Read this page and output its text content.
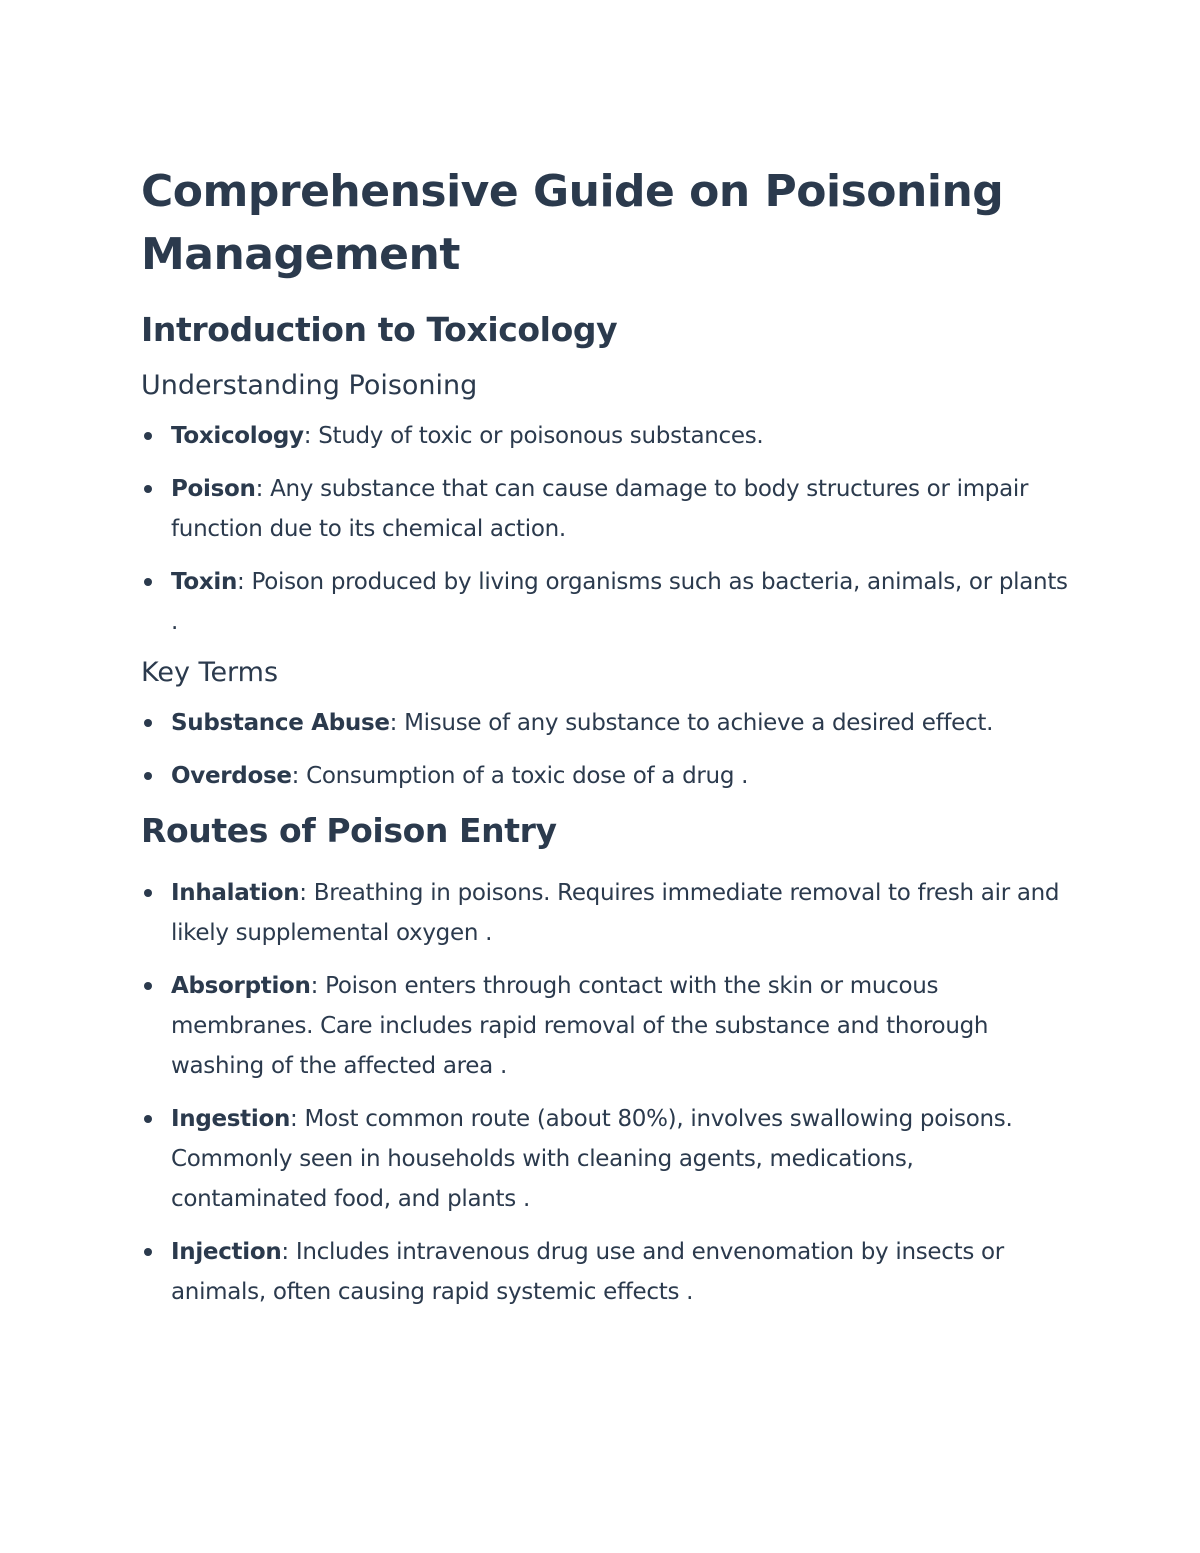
Comprehensive Guide on Poisoning Management
Introduction to Toxicology
Understanding Poisoning
Toxicology: Study of toxic or poisonous substances.
Poison: Any substance that can cause damage to body structures or impair function due to its chemical action.
Toxin: Poison produced by living organisms such as bacteria, animals, or plants .
Key Terms
Substance Abuse: Misuse of any substance to achieve a desired effect.
Overdose: Consumption of a toxic dose of a drug .
Routes of Poison Entry
Inhalation: Breathing in poisons. Requires immediate removal to fresh air and likely supplemental oxygen .
Absorption: Poison enters through contact with the skin or mucous membranes. Care includes rapid removal of the substance and thorough washing of the affected area .
Ingestion: Most common route (about 80%), involves swallowing poisons. Commonly seen in households with cleaning agents, medications, contaminated food, and plants .
Injection: Includes intravenous drug use and envenomation by insects or animals, often causing rapid systemic effects .
